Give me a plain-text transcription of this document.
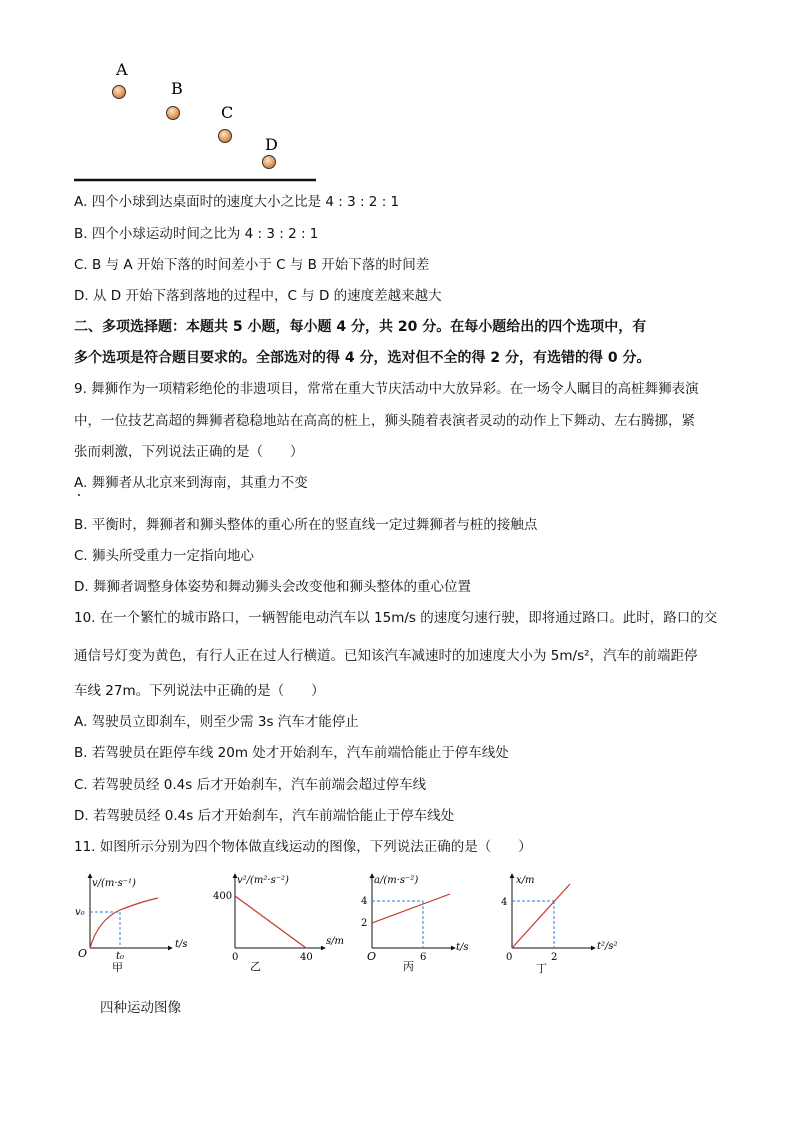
A
B
C
D
A. 四个小球到达桌面时的速度大小之比是 4 : 3 : 2 : 1
B. 四个小球运动时间之比为 4 : 3 : 2 : 1
C. B 与 A 开始下落的时间差小于 C 与 B 开始下落的时间差
D. 从 D 开始下落到落地的过程中，C 与 D 的速度差越来越大
二、多项选择题：本题共 5 小题，每小题 4 分，共 20 分。在每小题给出的四个选项中，有
多个选项是符合题目要求的。全部选对的得 4 分，选对但不全的得 2 分，有选错的得 0 分。
9. 舞狮作为一项精彩绝伦的非遗项目，常常在重大节庆活动中大放异彩。在一场令人瞩目的高桩舞狮表演
中，一位技艺高超的舞狮者稳稳地站在高高的桩上，狮头随着表演者灵动的动作上下舞动、左右腾挪，紧
张而刺激，下列说法正确的是（　　）
A. 舞狮者从北京来到海南，其重力不变
B. 平衡时，舞狮者和狮头整体的重心所在的竖直线一定过舞狮者与桩的接触点
C. 狮头所受重力一定指向地心
D. 舞狮者调整身体姿势和舞动狮头会改变他和狮头整体的重心位置
10. 在一个繁忙的城市路口，一辆智能电动汽车以 15m/s 的速度匀速行驶，即将通过路口。此时，路口的交
通信号灯变为黄色，有行人正在过人行横道。已知该汽车减速时的加速度大小为 5m/s²，汽车的前端距停
车线 27m。下列说法中正确的是（　　）
A. 驾驶员立即刹车，则至少需 3s 汽车才能停止
B. 若驾驶员在距停车线 20m 处才开始刹车，汽车前端恰能止于停车线处
C. 若驾驶员经 0.4s 后才开始刹车，汽车前端会超过停车线
D. 若驾驶员经 0.4s 后才开始刹车，汽车前端恰能止于停车线处
11. 如图所示分别为四个物体做直线运动的图像，下列说法正确的是（　　）
v/(m·s⁻¹)
t/s
O
v₀
t₀
甲
v²/(m²·s⁻²)
s/m
0
400
40
乙
a/(m·s⁻²)
t/s
O
4
2
6
丙
x/m
t²/s²
0
4
2
丁
四种运动图像
